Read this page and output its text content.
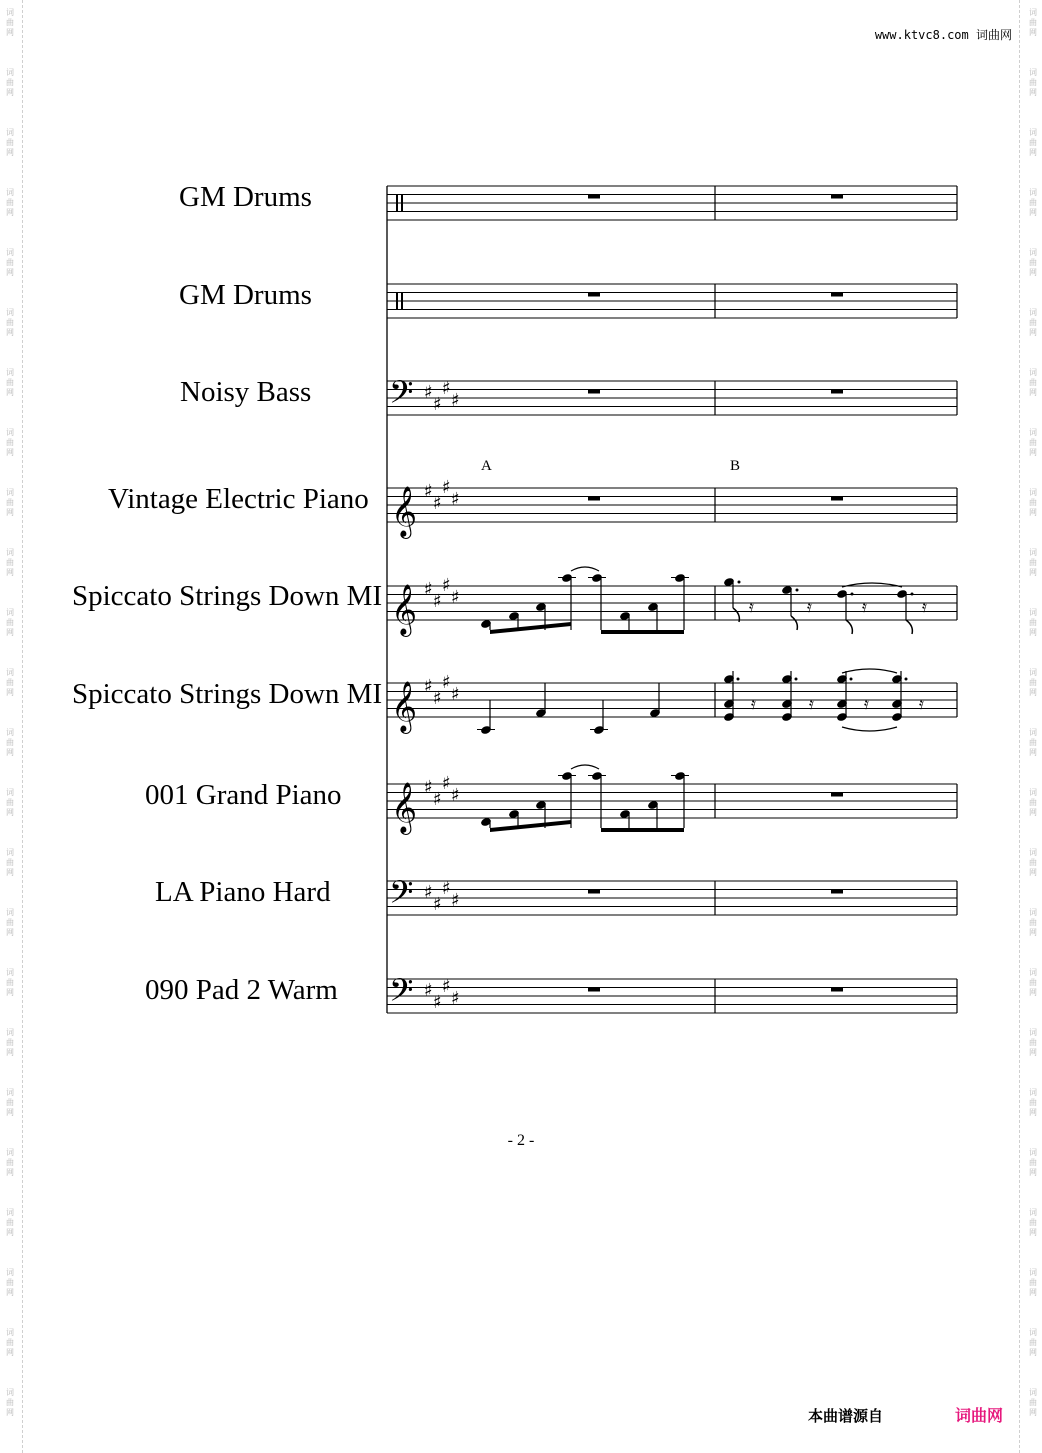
www.ktvc8.com 词曲网
GM Drums
GM Drums
Noisy Bass
Vintage Electric Piano
Spiccato Strings Down MI
Spiccato Strings Down MI
001 Grand Piano
LA Piano Hard
090 Pad 2 Warm
𝄢 ♯
♯
♯
♯
𝄞 ♯
♯
♯
♯
𝄞 ♯
♯
♯
♯
𝄞 ♯
♯
♯
♯
𝄞 ♯
♯
♯
♯
𝄢 ♯
♯
♯
♯
𝄢 ♯
♯
♯
♯
𝄿	𝄿	𝄿	𝄿
𝄿	𝄿	𝄿	𝄿
A	B
- 2 -
本曲谱源自	词曲网
词
曲
网
词
曲
网
词
曲
网
词
曲
网
词
曲
网
词
曲
网
词
曲
网
词
曲
网
词
曲
网
词
曲
网
词
曲
网
词
曲
网
词
曲
网
词
曲
网
词
曲
网
词
曲
网
词
曲
网
词
曲
网
词
曲
网
词
曲
网
词
曲
网
词
曲
网
词
曲
网
词
曲
网
词
曲
网
词
曲
网
词
曲
网
词
曲
网
词
曲
网
词
曲
网
词
曲
网
词
曲
网
词
曲
网
词
曲
网
词
曲
网
词
曲
网
词
曲
网
词
曲
网
词
曲
网
词
曲
网
词
曲
网
词
曲
网
词
曲
网
词
曲
网
词
曲
网
词
曲
网
词
曲
网
词
曲
网
